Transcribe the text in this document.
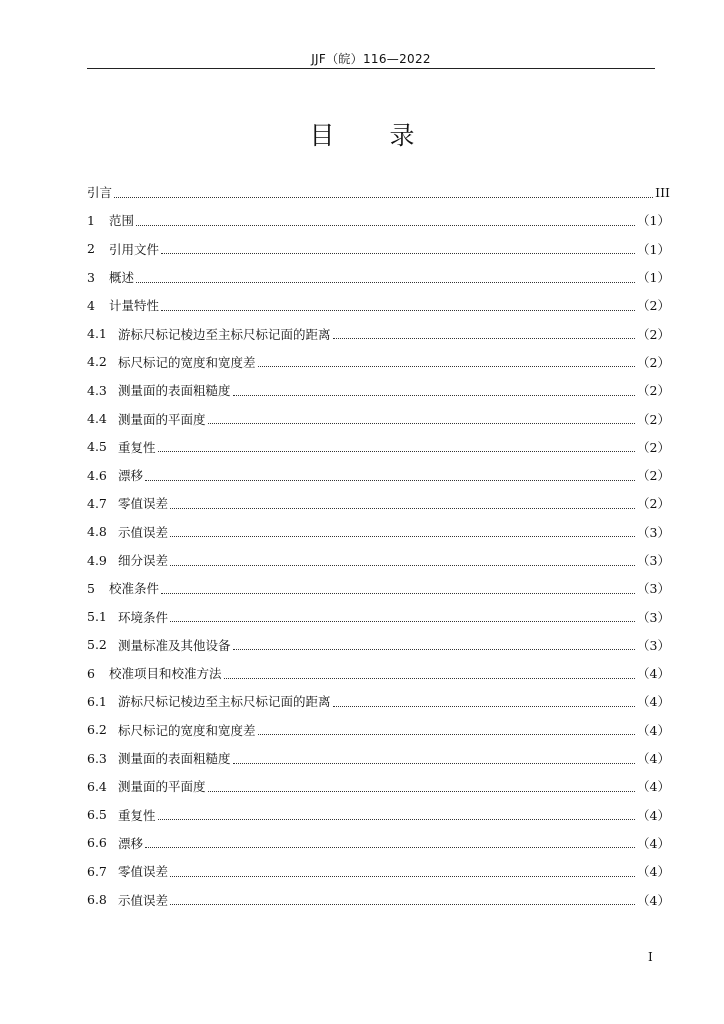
JJF（皖）116—2022
目录
引言	III
1	范围	（1）
2	引用文件	（1）
3	概述	（1）
4	计量特性	（2）
4.1 游标尺标记棱边至主标尺标记面的距离	（2）
4.2 标尺标记的宽度和宽度差	（2）
4.3 测量面的表面粗糙度	（2）
4.4 测量面的平面度	（2）
4.5 重复性	（2）
4.6 漂移	（2）
4.7 零值误差	（2）
4.8 示值误差	（3）
4.9 细分误差	（3）
5	校准条件	（3）
5.1 环境条件	（3）
5.2 测量标准及其他设备	（3）
6	校准项目和校准方法	（4）
6.1 游标尺标记棱边至主标尺标记面的距离	（4）
6.2 标尺标记的宽度和宽度差	（4）
6.3 测量面的表面粗糙度	（4）
6.4 测量面的平面度	（4）
6.5 重复性	（4）
6.6 漂移	（4）
6.7 零值误差	（4）
6.8 示值误差	（4）
I
